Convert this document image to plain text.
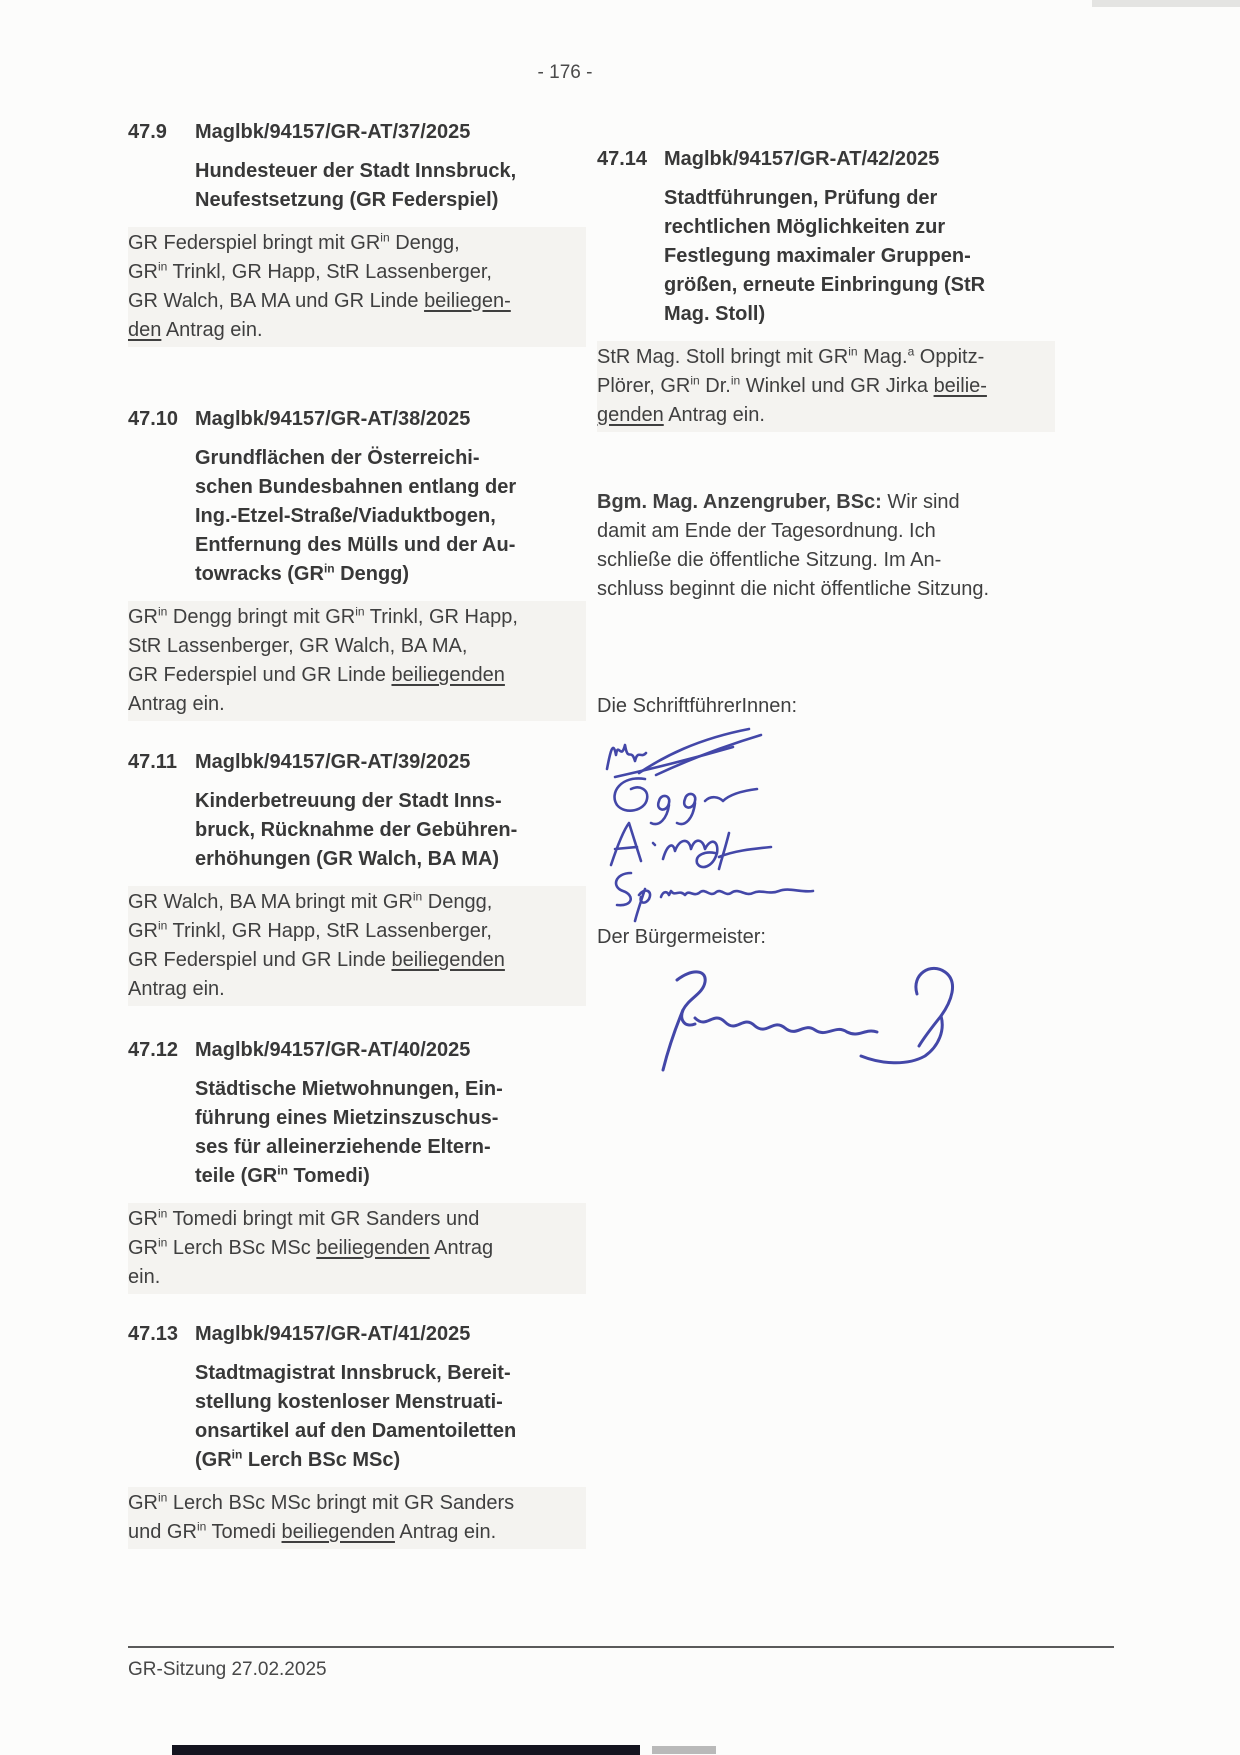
- 176 -
47.9	Maglbk/94157/GR-AT/37/2025
Hundesteuer der Stadt Innsbruck,
Neufestsetzung (GR Federspiel)
GR Federspiel bringt mit $GR^{in}$ Dengg,
$GR^{in}$ Trinkl, GR Happ, StR Lassenberger,
GR Walch, BA MA und GR Linde beiliegen-
den Antrag ein.
47.10 Maglbk/94157/GR-AT/38/2025
Grundflächen der Österreichi-
schen Bundesbahnen entlang der
Ing.-Etzel-Straße/Viaduktbogen,
Entfernung des Mülls und der Au-
towracks ($GR^{in}$ Dengg)
$GR^{in}$ Dengg bringt mit $GR^{in}$ Trinkl, GR Happ,
StR Lassenberger, GR Walch, BA MA,
GR Federspiel und GR Linde beiliegenden
Antrag ein.
47.11 Maglbk/94157/GR-AT/39/2025
Kinderbetreuung der Stadt Inns-
bruck, Rücknahme der Gebühren-
erhöhungen (GR Walch, BA MA)
GR Walch, BA MA bringt mit $GR^{in}$ Dengg,
$GR^{in}$ Trinkl, GR Happ, StR Lassenberger,
GR Federspiel und GR Linde beiliegenden
Antrag ein.
47.12 Maglbk/94157/GR-AT/40/2025
Städtische Mietwohnungen, Ein-
führung eines Mietzinszuschus-
ses für alleinerziehende Eltern-
teile ($GR^{in}$ Tomedi)
$GR^{in}$ Tomedi bringt mit GR Sanders und
$GR^{in}$ Lerch BSc MSc beiliegenden Antrag
ein.
47.13 Maglbk/94157/GR-AT/41/2025
Stadtmagistrat Innsbruck, Bereit-
stellung kostenloser Menstruati-
onsartikel auf den Damentoiletten
($GR^{in}$ Lerch BSc MSc)
$GR^{in}$ Lerch BSc MSc bringt mit GR Sanders
und $GR^{in}$ Tomedi beiliegenden Antrag ein.
47.14 Maglbk/94157/GR-AT/42/2025
Stadtführungen, Prüfung der
rechtlichen Möglichkeiten zur
Festlegung maximaler Gruppen-
größen, erneute Einbringung (StR
Mag. Stoll)
StR Mag. Stoll bringt mit $GR^{in}$ Mag.$^a$ Oppitz-
Plörer, $GR^{in}$ Dr.$^{in}$ Winkel und GR Jirka beilie-
genden Antrag ein.
Bgm. Mag. Anzengruber, BSc: Wir sind
damit am Ende der Tagesordnung. Ich
schließe die öffentliche Sitzung. Im An-
schluss beginnt die nicht öffentliche Sitzung.
Die SchriftführerInnen:
Der Bürgermeister:
GR-Sitzung 27.02.2025
